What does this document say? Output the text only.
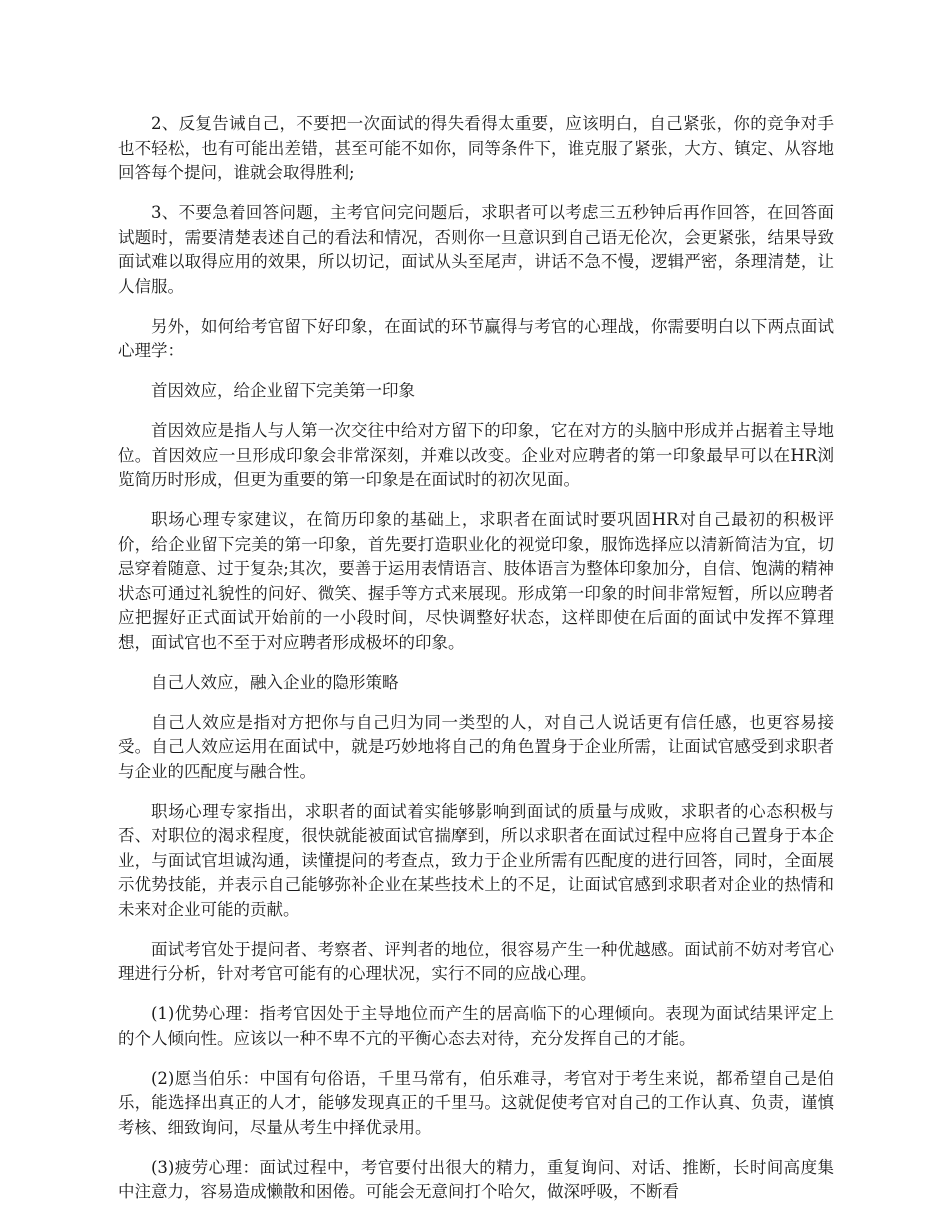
2、反复告诫自己，不要把一次面试的得失看得太重要，应该明白，自己紧张，你的竞争对手也不轻松，也有可能出差错，甚至可能不如你，同等条件下，谁克服了紧张，大方、镇定、从容地回答每个提问，谁就会取得胜利;

3、不要急着回答问题，主考官问完问题后，求职者可以考虑三五秒钟后再作回答，在回答面试题时，需要清楚表述自己的看法和情况，否则你一旦意识到自己语无伦次，会更紧张，结果导致面试难以取得应用的效果，所以切记，面试从头至尾声，讲话不急不慢，逻辑严密，条理清楚，让人信服。

另外，如何给考官留下好印象，在面试的环节赢得与考官的心理战，你需要明白以下两点面试心理学：

首因效应，给企业留下完美第一印象

首因效应是指人与人第一次交往中给对方留下的印象，它在对方的头脑中形成并占据着主导地位。首因效应一旦形成印象会非常深刻，并难以改变。企业对应聘者的第一印象最早可以在HR浏览简历时形成，但更为重要的第一印象是在面试时的初次见面。

职场心理专家建议，在简历印象的基础上，求职者在面试时要巩固HR对自己最初的积极评价，给企业留下完美的第一印象，首先要打造职业化的视觉印象，服饰选择应以清新简洁为宜，切忌穿着随意、过于复杂;其次，要善于运用表情语言、肢体语言为整体印象加分，自信、饱满的精神状态可通过礼貌性的问好、微笑、握手等方式来展现。形成第一印象的时间非常短暂，所以应聘者应把握好正式面试开始前的一小段时间，尽快调整好状态，这样即使在后面的面试中发挥不算理想，面试官也不至于对应聘者形成极坏的印象。

自己人效应，融入企业的隐形策略

自己人效应是指对方把你与自己归为同一类型的人，对自己人说话更有信任感，也更容易接受。自己人效应运用在面试中，就是巧妙地将自己的角色置身于企业所需，让面试官感受到求职者与企业的匹配度与融合性。

职场心理专家指出，求职者的面试着实能够影响到面试的质量与成败，求职者的心态积极与否、对职位的渴求程度，很快就能被面试官揣摩到，所以求职者在面试过程中应将自己置身于本企业，与面试官坦诚沟通，读懂提问的考查点，致力于企业所需有匹配度的进行回答，同时，全面展示优势技能，并表示自己能够弥补企业在某些技术上的不足，让面试官感到求职者对企业的热情和未来对企业可能的贡献。

面试考官处于提问者、考察者、评判者的地位，很容易产生一种优越感。面试前不妨对考官心理进行分析，针对考官可能有的心理状况，实行不同的应战心理。

(1)优势心理：指考官因处于主导地位而产生的居高临下的心理倾向。表现为面试结果评定上的个人倾向性。应该以一种不卑不亢的平衡心态去对待，充分发挥自己的才能。

(2)愿当伯乐：中国有句俗语，千里马常有，伯乐难寻，考官对于考生来说，都希望自己是伯乐，能选择出真正的人才，能够发现真正的千里马。这就促使考官对自己的工作认真、负责，谨慎考核、细致询问，尽量从考生中择优录用。

(3)疲劳心理：面试过程中，考官要付出很大的精力，重复询问、对话、推断，长时间高度集中注意力，容易造成懒散和困倦。可能会无意间打个哈欠，做深呼吸，不断看
